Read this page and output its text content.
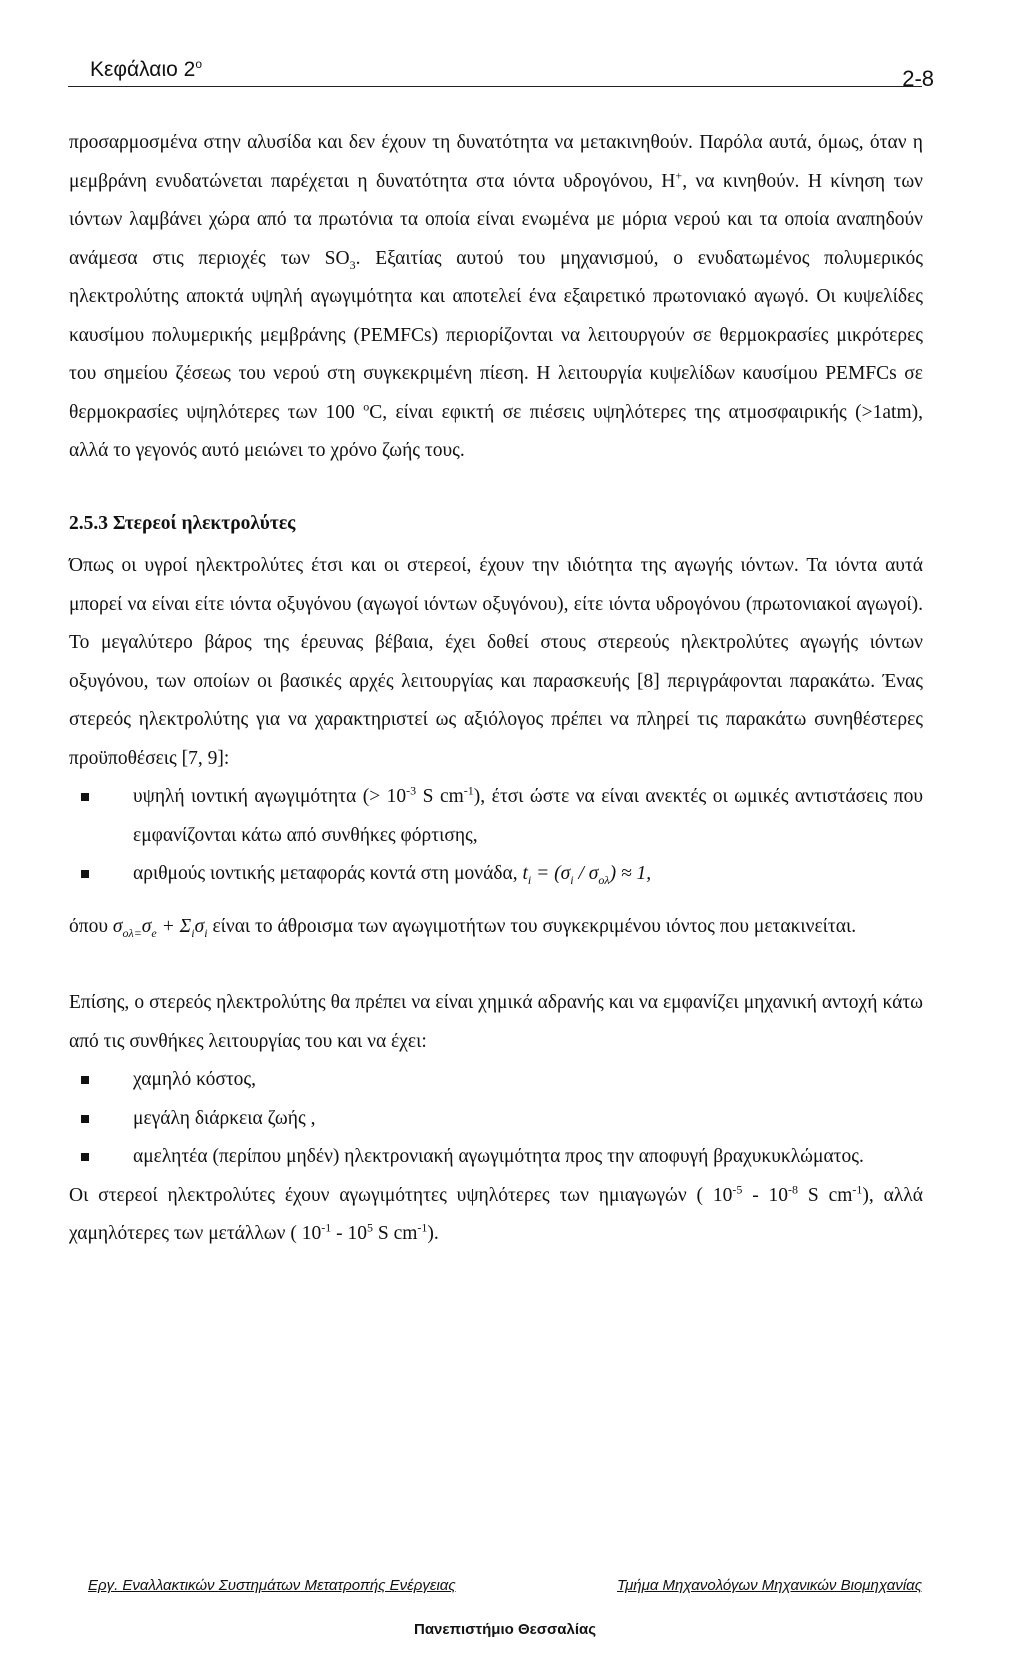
Κεφάλαιο $2^o$
2-8

προσαρμοσμένα στην αλυσίδα και δεν έχουν τη δυνατότητα να μετακινηθούν. Παρόλα αυτά, όμως, όταν η μεμβράνη ενυδατώνεται παρέχεται η δυνατότητα στα ιόντα υδρογόνου, Η+, να κινηθούν. Η κίνηση των ιόντων λαμβάνει χώρα από τα πρωτόνια τα οποία είναι ενωμένα με μόρια νερού και τα οποία αναπηδούν ανάμεσα στις περιοχές των $SO_3$. Εξαιτίας αυτού του μηχανισμού, ο ενυδατωμένος πολυμερικός ηλεκτρολύτης αποκτά υψηλή αγωγιμότητα και αποτελεί ένα εξαιρετικό πρωτονιακό αγωγό. Οι κυψελίδες καυσίμου πολυμερικής μεμβράνης (PEMFCs) περιορίζονται να λειτουργούν σε θερμοκρασίες μικρότερες του σημείου ζέσεως του νερού στη συγκεκριμένη πίεση. Η λειτουργία κυψελίδων καυσίμου PEMFCs σε θερμοκρασίες υψηλότερες των 100 $^o$C, είναι εφικτή σε πιέσεις υψηλότερες της ατμοσφαιρικής (>1atm), αλλά το γεγονός αυτό μειώνει το χρόνο ζωής τους.

2.5.3 Στερεοί ηλεκτρολύτες

Όπως οι υγροί ηλεκτρολύτες έτσι και οι στερεοί, έχουν την ιδιότητα της αγωγής ιόντων. Τα ιόντα αυτά μπορεί να είναι είτε ιόντα οξυγόνου (αγωγοί ιόντων οξυγόνου), είτε ιόντα υδρογόνου (πρωτονιακοί αγωγοί). Το μεγαλύτερο βάρος της έρευνας βέβαια, έχει δοθεί στους στερεούς ηλεκτρολύτες αγωγής ιόντων οξυγόνου, των οποίων οι βασικές αρχές λειτουργίας και παρασκευής [8] περιγράφονται παρακάτω. Ένας στερεός ηλεκτρολύτης για να χαρακτηριστεί ως αξιόλογος πρέπει να πληρεί τις παρακάτω συνηθέστερες προϋποθέσεις [7, 9]:

υψηλή ιοντική αγωγιμότητα (> $10^{-3}$ S $cm^{-1}$), έτσι ώστε να είναι ανεκτές οι ωμικές αντιστάσεις που εμφανίζονται κάτω από συνθήκες φόρτισης,
αριθμούς ιοντικής μεταφοράς κοντά στη μονάδα, $t_i = (\sigma_i / \sigma_{o\lambda}) \approx 1$,

όπου $\sigma_{o\lambda=}\sigma_e + \Sigma_i\sigma_i$ είναι το άθροισμα των αγωγιμοτήτων του συγκεκριμένου ιόντος που μετακινείται.

Επίσης, ο στερεός ηλεκτρολύτης θα πρέπει να είναι χημικά αδρανής και να εμφανίζει μηχανική αντοχή κάτω από τις συνθήκες λειτουργίας του και να έχει:

χαμηλό κόστος,
μεγάλη διάρκεια ζωής ,
αμελητέα (περίπου μηδέν) ηλεκτρονιακή αγωγιμότητα προς την αποφυγή βραχυκυκλώματος.

Οι στερεοί ηλεκτρολύτες έχουν αγωγιμότητες υψηλότερες των ημιαγωγών ( $10^{-5} - 10^{-8}$ S $cm^{-1}$), αλλά χαμηλότερες των μετάλλων ( $10^{-1} - 10^5$ S $cm^{-1}$).

Εργ. Εναλλακτικών Συστημάτων Μετατροπής Ενέργειας	Τμήμα Μηχανολόγων Μηχανικών Βιομηχανίας
Πανεπιστήμιο Θεσσαλίας
